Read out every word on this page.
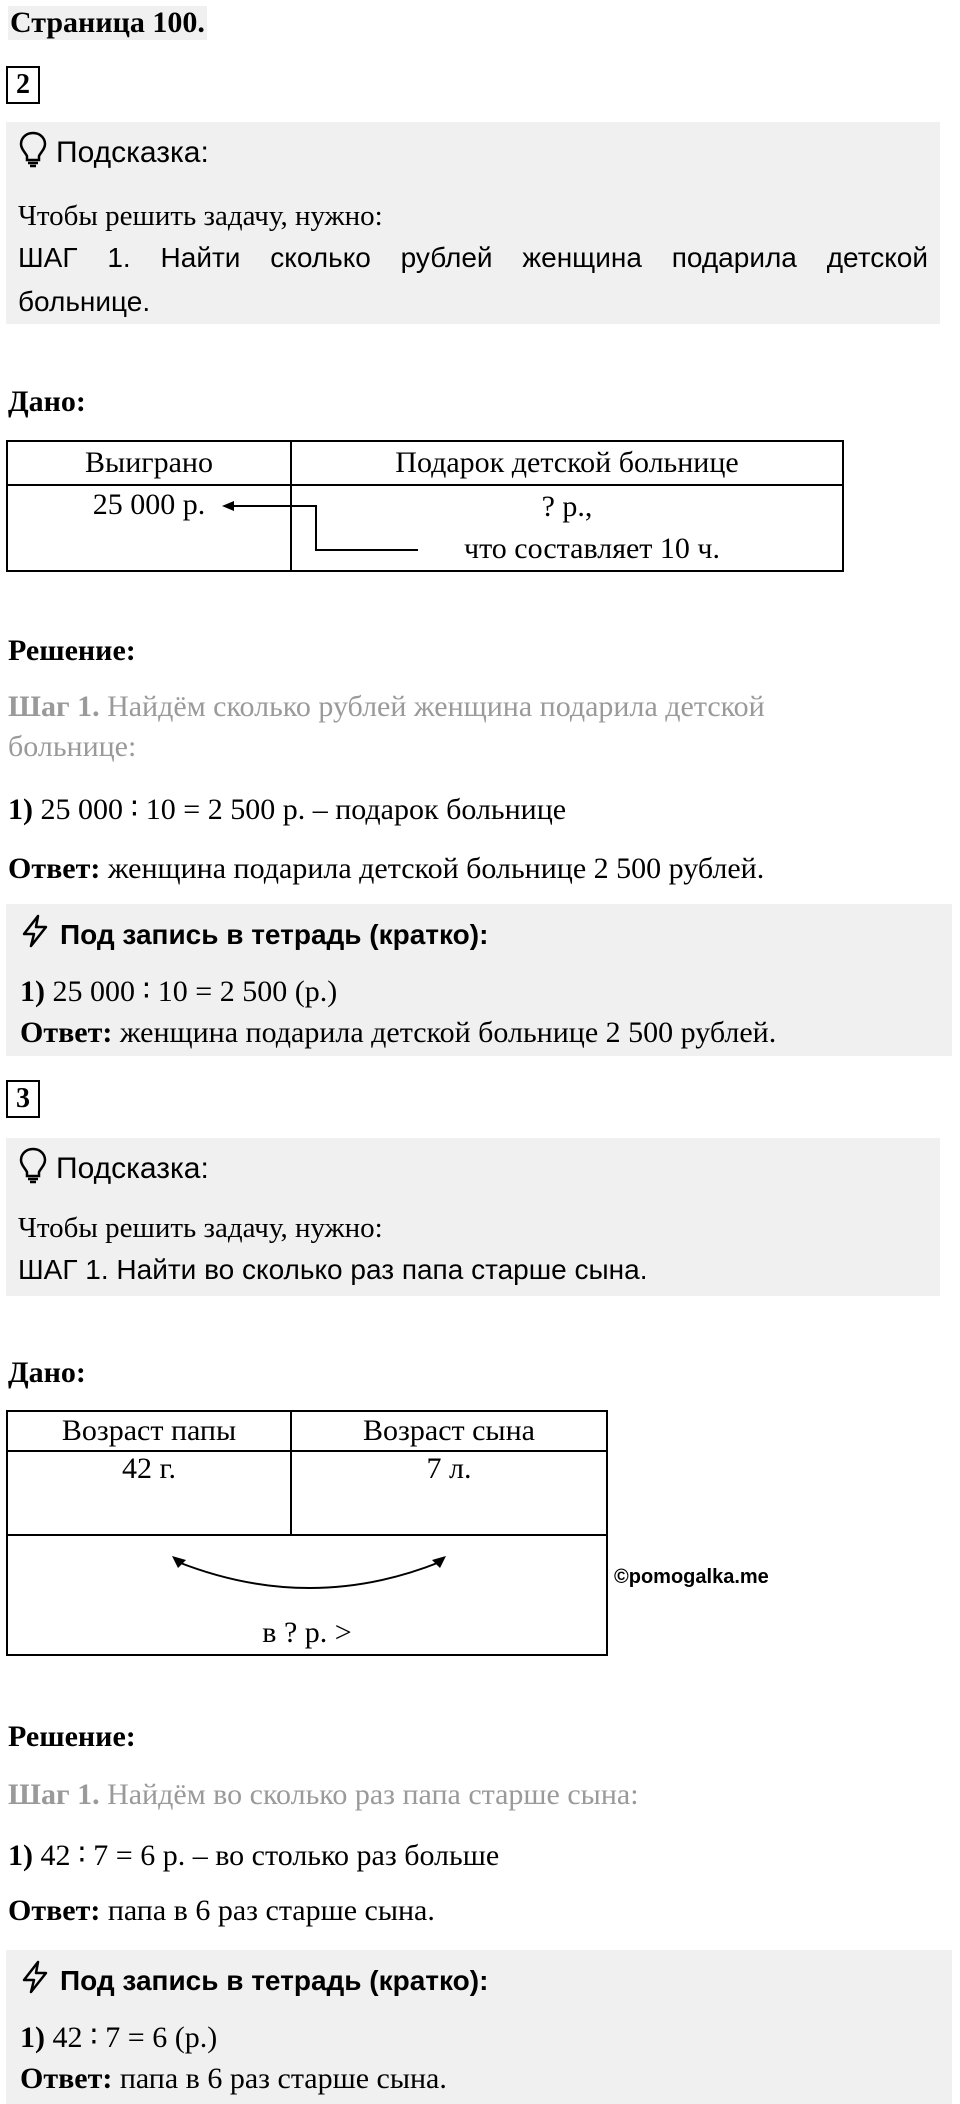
Страница 100.
2
Подсказка:
Чтобы решить задачу, нужно:
ШАГ 1. Найти сколько рублей женщина подарила детской
больнице.
Дано:
Выиграно	Подарок детской больнице
25 000 р.	? р.,
что составляет 10 ч.
Решение:
Шаг 1. Найдём сколько рублей женщина подарила детской
больнице:
1) 25 000 ∶ 10 = 2 500 р. – подарок больнице
Ответ: женщина подарила детской больнице 2 500 рублей.
Под запись в тетрадь (кратко):
1) 25 000 ∶ 10 = 2 500 (р.)
Ответ: женщина подарила детской больнице 2 500 рублей.
3
Подсказка:
Чтобы решить задачу, нужно:
ШАГ 1. Найти во сколько раз папа старше сына.
Дано:
Возраст папы	Возраст сына
42 г.	7 л.
в ? р. >	
©pomogalka.me
Решение:
Шаг 1. Найдём во сколько раз папа старше сына:
1) 42 ∶ 7 = 6 р. – во столько раз больше
Ответ: папа в 6 раз старше сына.
Под запись в тетрадь (кратко):
1) 42 ∶ 7 = 6 (р.)
Ответ: папа в 6 раз старше сына.
